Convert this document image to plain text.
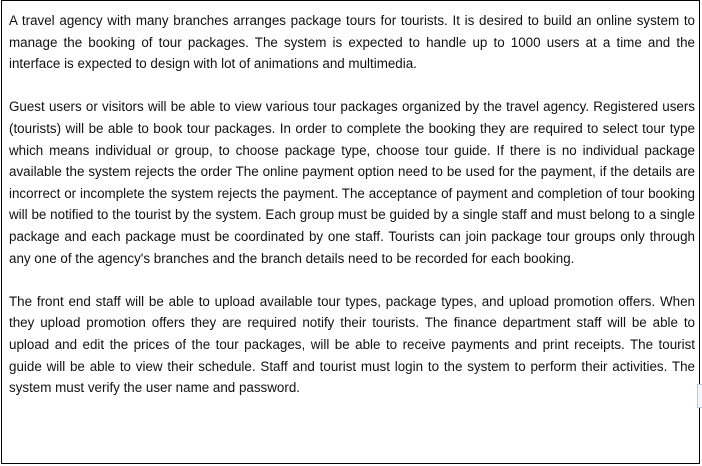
A travel agency with many branches arranges package tours for tourists. It is desired to build an online system to manage the booking of tour packages. The system is expected to handle up to 1000 users at a time and the interface is expected to design with lot of animations and multimedia.

Guest users or visitors will be able to view various tour packages organized by the travel agency. Registered users (tourists) will be able to book tour packages. In order to complete the booking they are required to select tour type which means individual or group, to choose package type, choose tour guide. If there is no individual package available the system rejects the order The online payment option need to be used for the payment, if the details are incorrect or incomplete the system rejects the payment. The acceptance of payment and completion of tour booking will be notified to the tourist by the system. Each group must be guided by a single staff and must belong to a single package and each package must be coordinated by one staff. Tourists can join package tour groups only through any one of the agency's branches and the branch details need to be recorded for each booking.

The front end staff will be able to upload available tour types, package types, and upload promotion offers. When they upload promotion offers they are required notify their tourists. The finance department staff will be able to upload and edit the prices of the tour packages, will be able to receive payments and print receipts. The tourist guide will be able to view their schedule. Staff and tourist must login to the system to perform their activities. The system must verify the user name and password.
